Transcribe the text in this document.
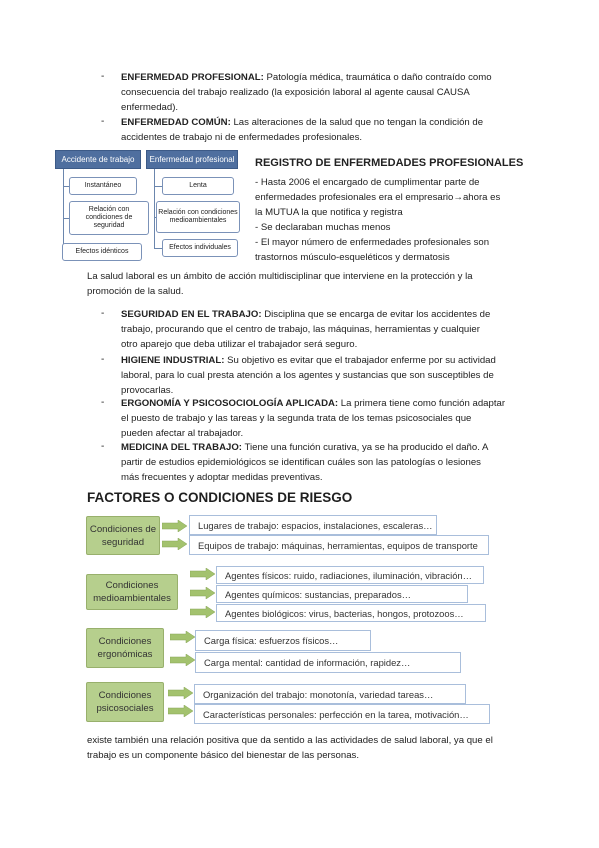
- ENFERMEDAD PROFESIONAL: Patología médica, traumática o daño contraído como
consecuencia del trabajo realizado (la exposición laboral al agente causal CAUSA
enfermedad).
- ENFERMEDAD COMÚN: Las alteraciones de la salud que no tengan la condición de
accidentes de trabajo ni de enfermedades profesionales.
Accidente de trabajo	Enfermedad profesional
Instantáneo
Relación con condiciones de seguridad
Efectos idénticos
Lenta
Relación con condiciones medioambientales
Efectos individuales
REGISTRO DE ENFERMEDADES PROFESIONALES
- Hasta 2006 el encargado de cumplimentar parte de
enfermedades profesionales era el empresario→ahora es
la MUTUA la que notifica y registra
- Se declaraban muchas menos
- El mayor número de enfermedades profesionales son
trastornos músculo-esqueléticos y dermatosis
La salud laboral es un ámbito de acción multidisciplinar que interviene en la protección y la
promoción de la salud.
- SEGURIDAD EN EL TRABAJO: Disciplina que se encarga de evitar los accidentes de
trabajo, procurando que el centro de trabajo, las máquinas, herramientas y cualquier
otro aparejo que deba utilizar el trabajador será seguro.
- HIGIENE INDUSTRIAL: Su objetivo es evitar que el trabajador enferme por su actividad
laboral, para lo cual presta atención a los agentes y sustancias que son susceptibles de
provocarlas.
- ERGONOMÍA Y PSICOSOCIOLOGÍA APLICADA: La primera tiene como función adaptar
el puesto de trabajo y las tareas y la segunda trata de los temas psicosociales que
pueden afectar al trabajador.
- MEDICINA DEL TRABAJO: Tiene una función curativa, ya se ha producido el daño. A
partir de estudios epidemiológicos se identifican cuáles son las patologías o lesiones
más frecuentes y adoptar medidas preventivas.
FACTORES O CONDICIONES DE RIESGO
Condiciones de seguridad
Lugares de trabajo: espacios, instalaciones, escaleras…
Equipos de trabajo: máquinas, herramientas, equipos de transporte
Condiciones medioambientales
Agentes físicos: ruido, radiaciones, iluminación, vibración…
Agentes químicos: sustancias, preparados…
Agentes biológicos: virus, bacterias, hongos, protozoos…
Condiciones ergonómicas
Carga física: esfuerzos físicos…
Carga mental: cantidad de información, rapidez…
Condiciones psicosociales
Organización del trabajo: monotonía, variedad tareas…
Características personales: perfección en la tarea, motivación…
existe también una relación positiva que da sentido a las actividades de salud laboral, ya que el
trabajo es un componente básico del bienestar de las personas.
